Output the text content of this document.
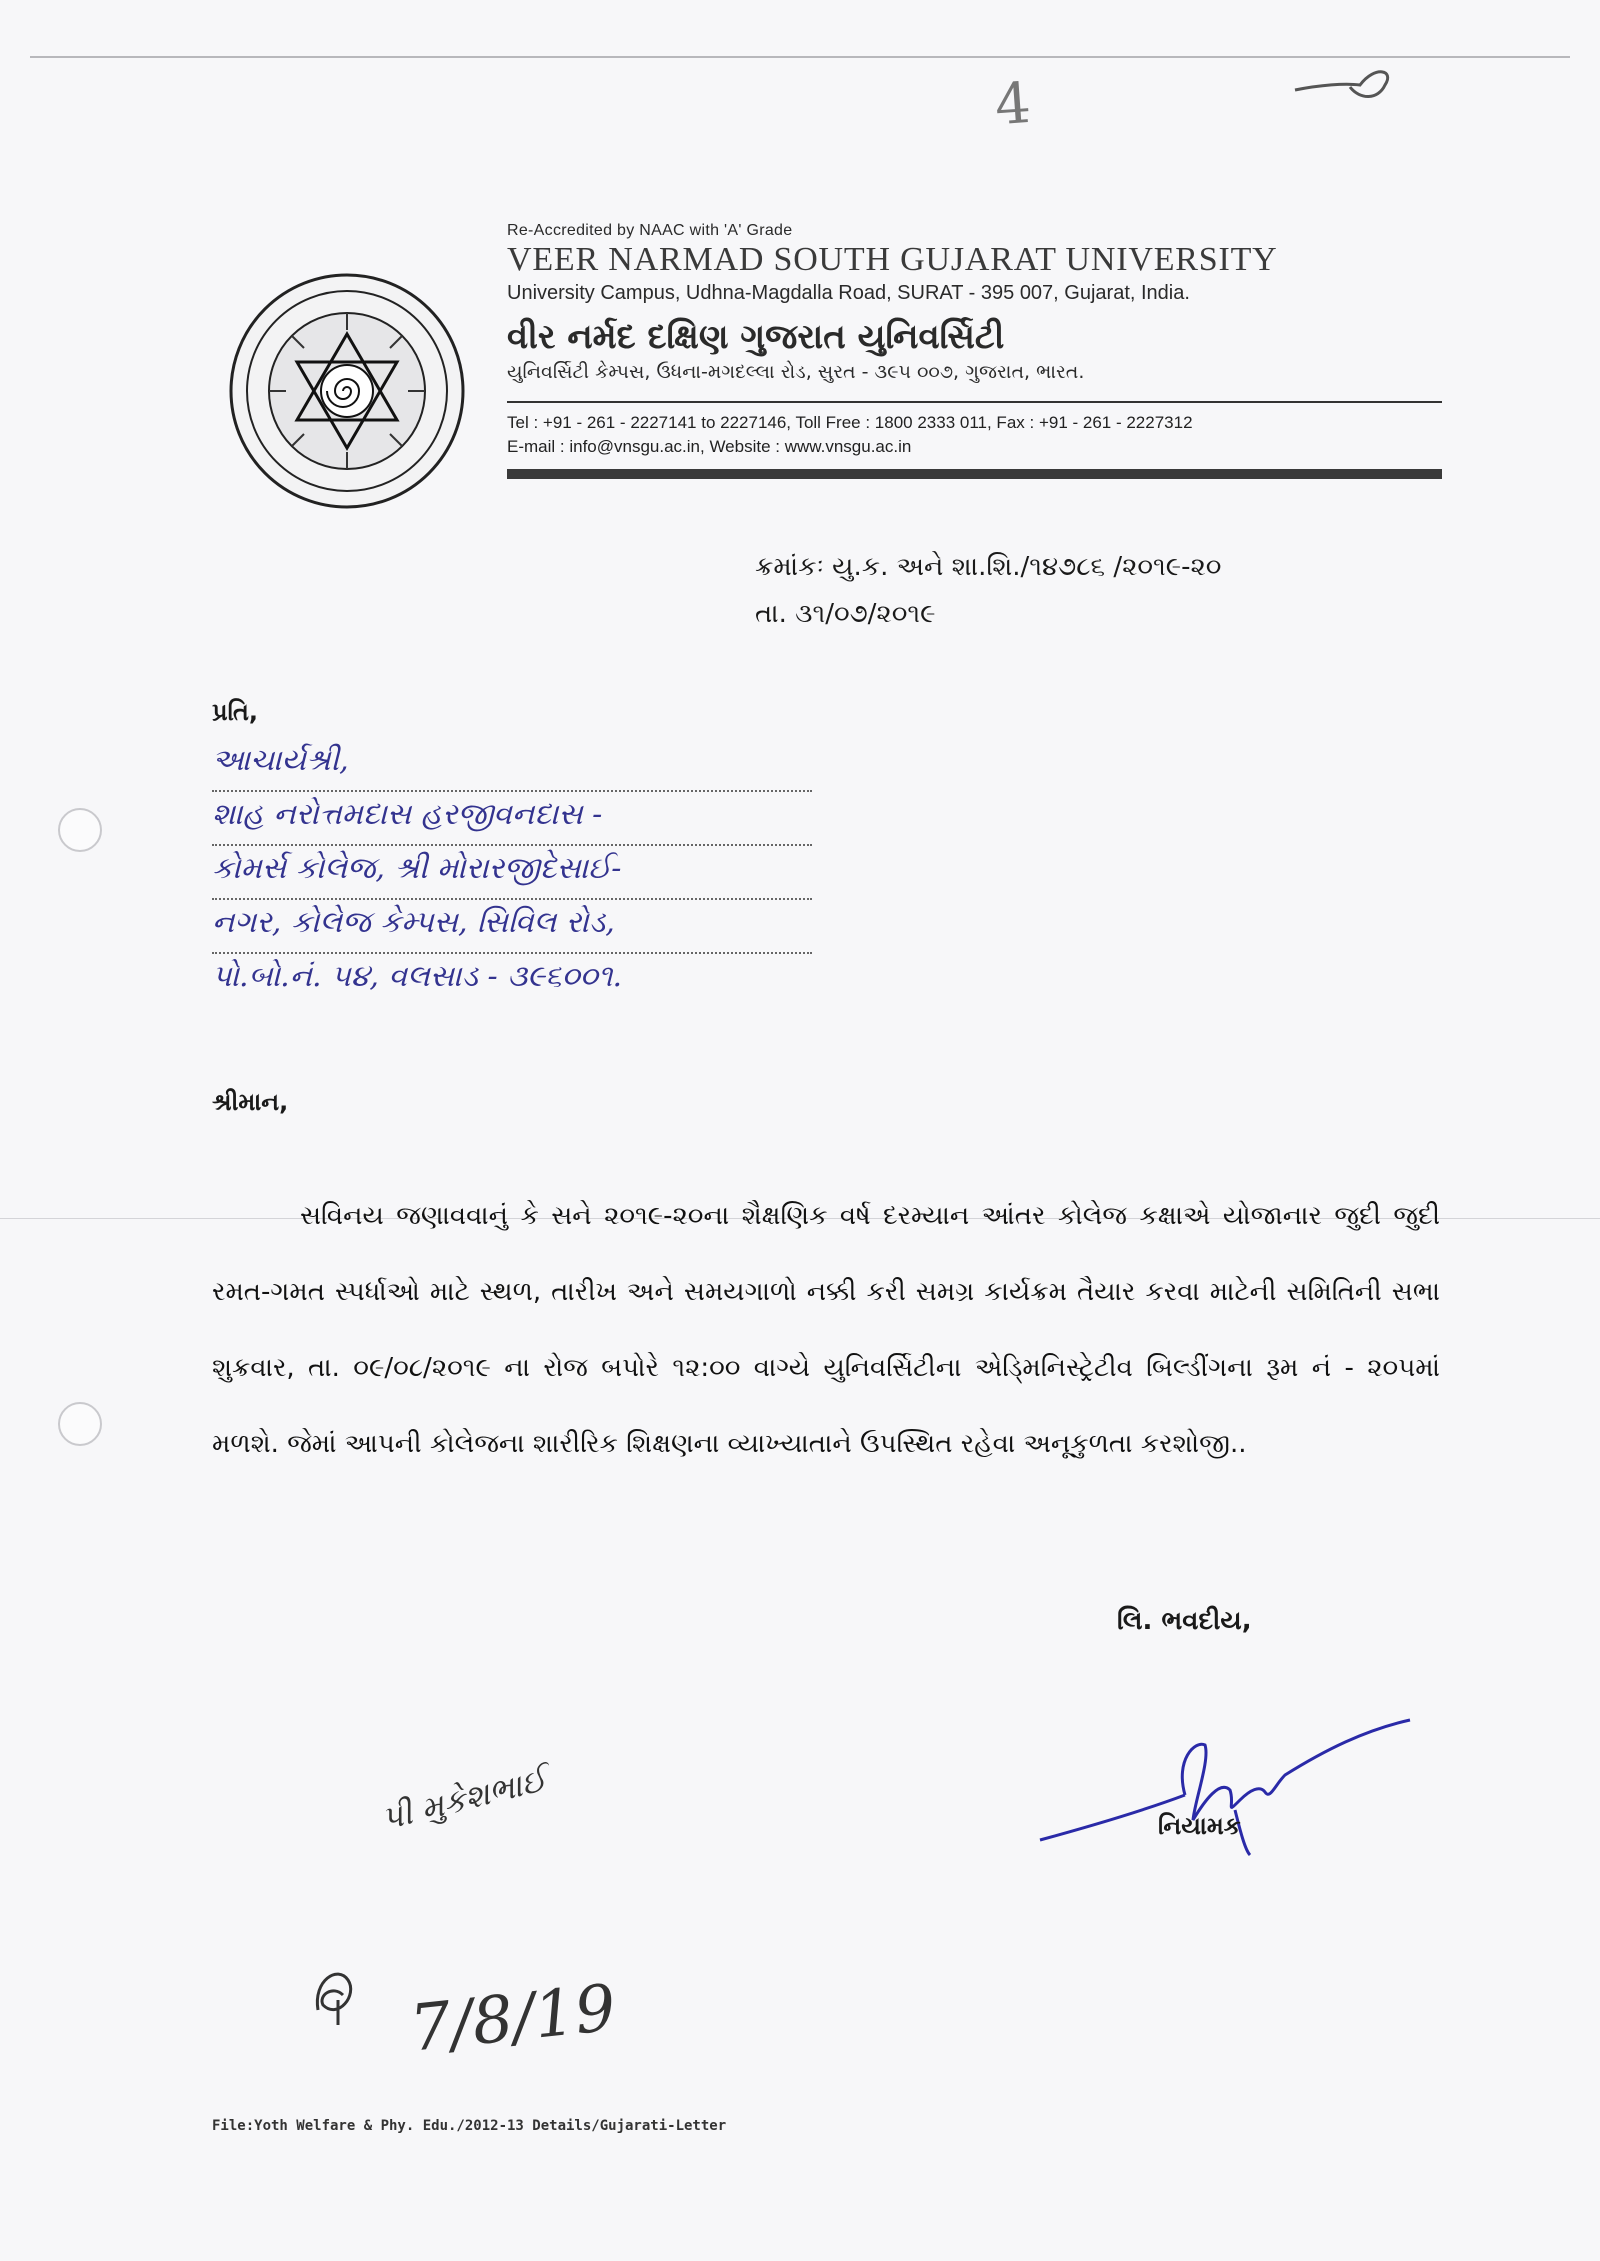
4
Re-Accredited by NAAC with 'A' Grade
VEER NARMAD SOUTH GUJARAT UNIVERSITY
University Campus, Udhna-Magdalla Road, SURAT - 395 007, Gujarat, India.
વીર નર્મદ દક્ષિણ ગુજરાત યુનિવર્સિટી
યુનિવર્સિટી કેમ્પસ, ઉધના-મગદલ્લા રોડ, સુરત - ૩૯૫ ૦૦૭, ગુજરાત, ભારત.
Tel : +91 - 261 - 2227141 to 2227146, Toll Free : 1800 2333 011, Fax : +91 - 261 - 2227312
E-mail : info@vnsgu.ac.in, Website : www.vnsgu.ac.in
ક્રમાંકઃ યુ.ક. અને શા.શિ./૧૪૭૮૬ /૨૦૧૯-૨૦
તા. ૩૧/૦૭/૨૦૧૯
પ્રતિ,
આચાર્યશ્રી,
શાહ નરોત્તમદાસ હરજીવનદાસ -
કોમર્સ કોલેજ, શ્રી મોરારજીદેસાઈ-
નગર, કોલેજ કેમ્પસ, સિવિલ રોડ,
પો.બો.નં. ૫૪, વલસાડ - ૩૯૬૦૦૧.
શ્રીમાન,
સવિનય જણાવવાનું કે સને ૨૦૧૯-૨૦ના શૈક્ષણિક વર્ષ દરમ્યાન આંતર કોલેજ કક્ષાએ યોજાનાર જુદી જુદી રમત-ગમત સ્પર્ધાઓ માટે સ્થળ, તારીખ અને સમયગાળો નક્કી કરી સમગ્ર કાર્યક્રમ તૈયાર કરવા માટેની સમિતિની સભા શુક્રવાર, તા. ૦૯/૦૮/૨૦૧૯ ના રોજ બપોરે ૧૨:૦૦ વાગ્યે યુનિવર્સિટીના એડ્મિનિસ્ટ્રેટીવ બિલ્ડીંગના રૂમ નં - ૨૦૫માં મળશે. જેમાં આપની કોલેજના શારીરિક શિક્ષણના વ્યાખ્યાતાને ઉપસ્થિત રહેવા અનૂકુળતા કરશોજી..
લિ. ભવદીય,
નિયામક
પી મુકેશભાઈ
7/8/19
File:Yoth Welfare & Phy. Edu./2012-13 Details/Gujarati-Letter
